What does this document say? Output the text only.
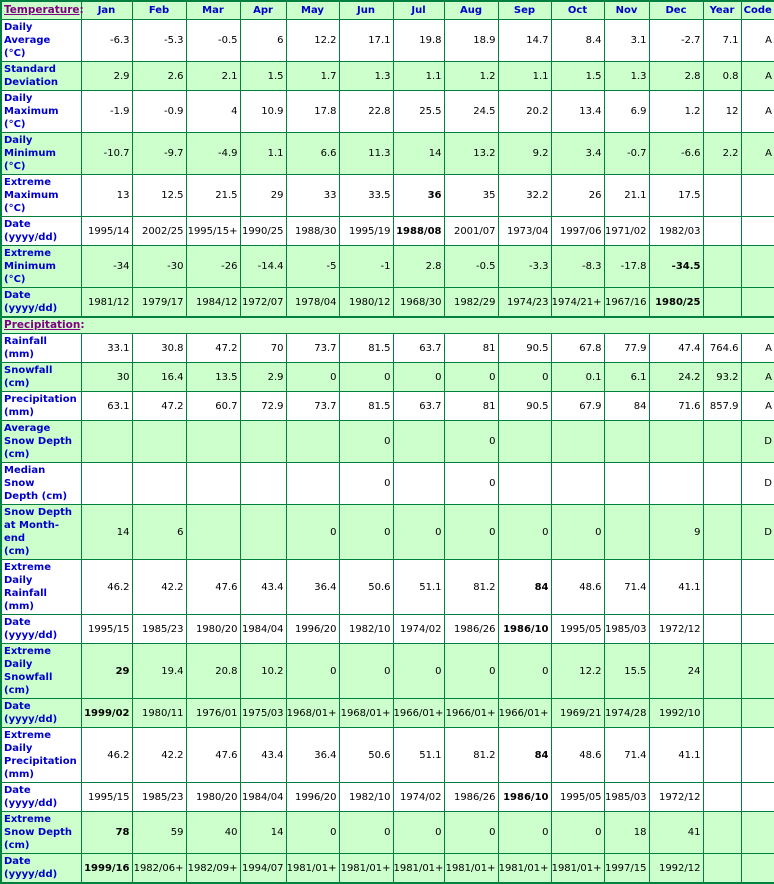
Temperature:	Jan	Feb	Mar	Apr	May	Jun	Jul	Aug	Sep	Oct	Nov	Dec	Year	Code
Daily Average
(°C)	-6.3	-5.3	-0.5	6	12.2	17.1	19.8	18.9	14.7	8.4	3.1	-2.7	7.1	A
Standard
Deviation	2.9	2.6	2.1	1.5	1.7	1.3	1.1	1.2	1.1	1.5	1.3	2.8	0.8	A
Daily
Maximum
(°C)	-1.9	-0.9	4	10.9	17.8	22.8	25.5	24.5	20.2	13.4	6.9	1.2	12	A
Daily
Minimum
(°C)	-10.7	-9.7	-4.9	1.1	6.6	11.3	14	13.2	9.2	3.4	-0.7	-6.6	2.2	A
Extreme
Maximum
(°C)	13	12.5	21.5	29	33	33.5	36	35	32.2	26	21.1	17.5		
Date
(yyyy/dd)	1995/14	2002/25	1995/15+	1990/25	1988/30	1995/19	1988/08	2001/07	1973/04	1997/06	1971/02	1982/03		
Extreme
Minimum
(°C)	-34	-30	-26	-14.4	-5	-1	2.8	-0.5	-3.3	-8.3	-17.8	-34.5		
Date
(yyyy/dd)	1981/12	1979/17	1984/12	1972/07	1978/04	1980/12	1968/30	1982/29	1974/23	1974/21+	1967/16	1980/25		
Precipitation:														
Rainfall (mm)	33.1	30.8	47.2	70	73.7	81.5	63.7	81	90.5	67.8	77.9	47.4	764.6	A
Snowfall
(cm)	30	16.4	13.5	2.9	0	0	0	0	0	0.1	6.1	24.2	93.2	A
Precipitation
(mm)	63.1	47.2	60.7	72.9	73.7	81.5	63.7	81	90.5	67.9	84	71.6	857.9	A
Average
Snow Depth
(cm)						0		0						D
Median Snow
Depth (cm)						0		0						D
Snow Depth
at Month-end
(cm)	14	6			0	0	0	0	0	0		9		D
Extreme Daily
Rainfall (mm)	46.2	42.2	47.6	43.4	36.4	50.6	51.1	81.2	84	48.6	71.4	41.1		
Date
(yyyy/dd)	1995/15	1985/23	1980/20	1984/04	1996/20	1982/10	1974/02	1986/26	1986/10	1995/05	1985/03	1972/12		
Extreme Daily
Snowfall
(cm)	29	19.4	20.8	10.2	0	0	0	0	0	12.2	15.5	24		
Date
(yyyy/dd)	1999/02	1980/11	1976/01	1975/03	1968/01+	1968/01+	1966/01+	1966/01+	1966/01+	1969/21	1974/28	1992/10		
Extreme Daily
Precipitation
(mm)	46.2	42.2	47.6	43.4	36.4	50.6	51.1	81.2	84	48.6	71.4	41.1		
Date
(yyyy/dd)	1995/15	1985/23	1980/20	1984/04	1996/20	1982/10	1974/02	1986/26	1986/10	1995/05	1985/03	1972/12		
Extreme
Snow Depth
(cm)	78	59	40	14	0	0	0	0	0	0	18	41		
Date
(yyyy/dd)	1999/16	1982/06+	1982/09+	1994/07	1981/01+	1981/01+	1981/01+	1981/01+	1981/01+	1981/01+	1997/15	1992/12		
